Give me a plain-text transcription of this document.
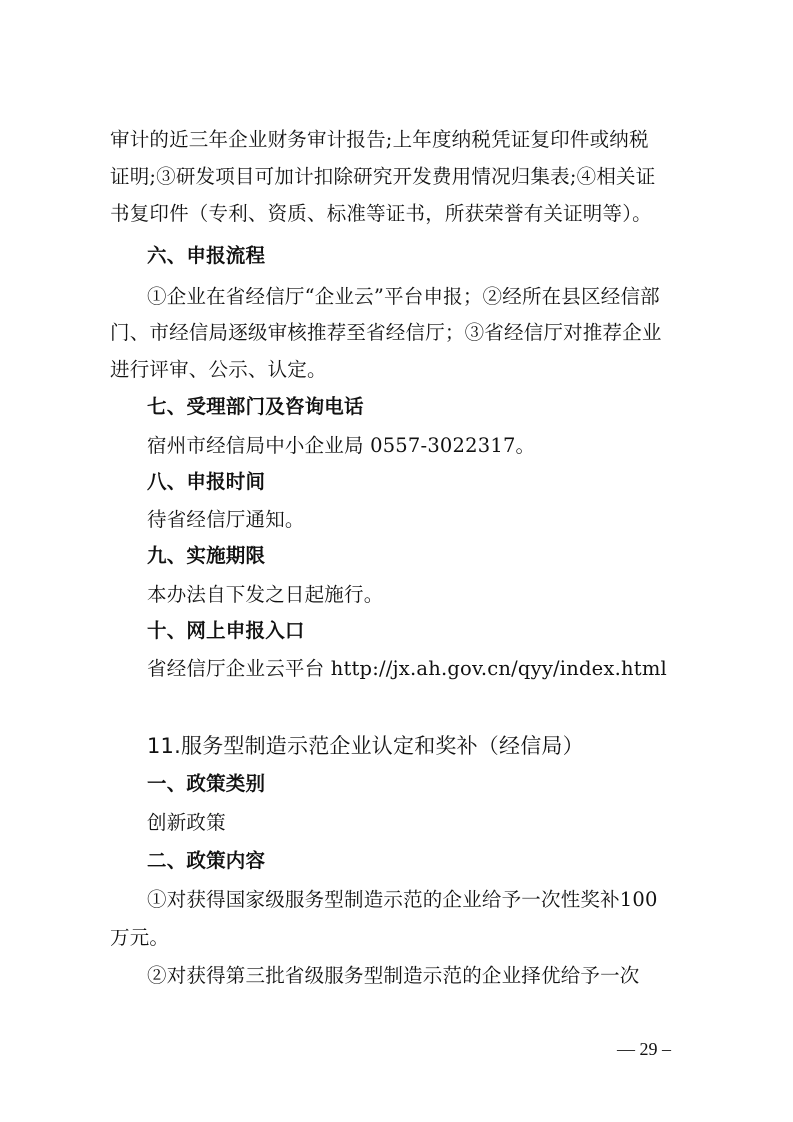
审计的近三年企业财务审计报告;上年度纳税凭证复印件或纳税
证明;③研发项目可加计扣除研究开发费用情况归集表;④相关证
书复印件（专利、资质、标准等证书，所获荣誉有关证明等）。
六、申报流程
①企业在省经信厅“企业云”平台申报；②经所在县区经信部
门、市经信局逐级审核推荐至省经信厅；③省经信厅对推荐企业
进行评审、公示、认定。
七、受理部门及咨询电话
宿州市经信局中小企业局 0557-3022317。
八、申报时间
待省经信厅通知。
九、实施期限
本办法自下发之日起施行。
十、网上申报入口
省经信厅企业云平台 http://jx.ah.gov.cn/qyy/index.html
11.服务型制造示范企业认定和奖补（经信局）
一、政策类别
创新政策
二、政策内容
①对获得国家级服务型制造示范的企业给予一次性奖补100
万元。
②对获得第三批省级服务型制造示范的企业择优给予一次
— 29 –
